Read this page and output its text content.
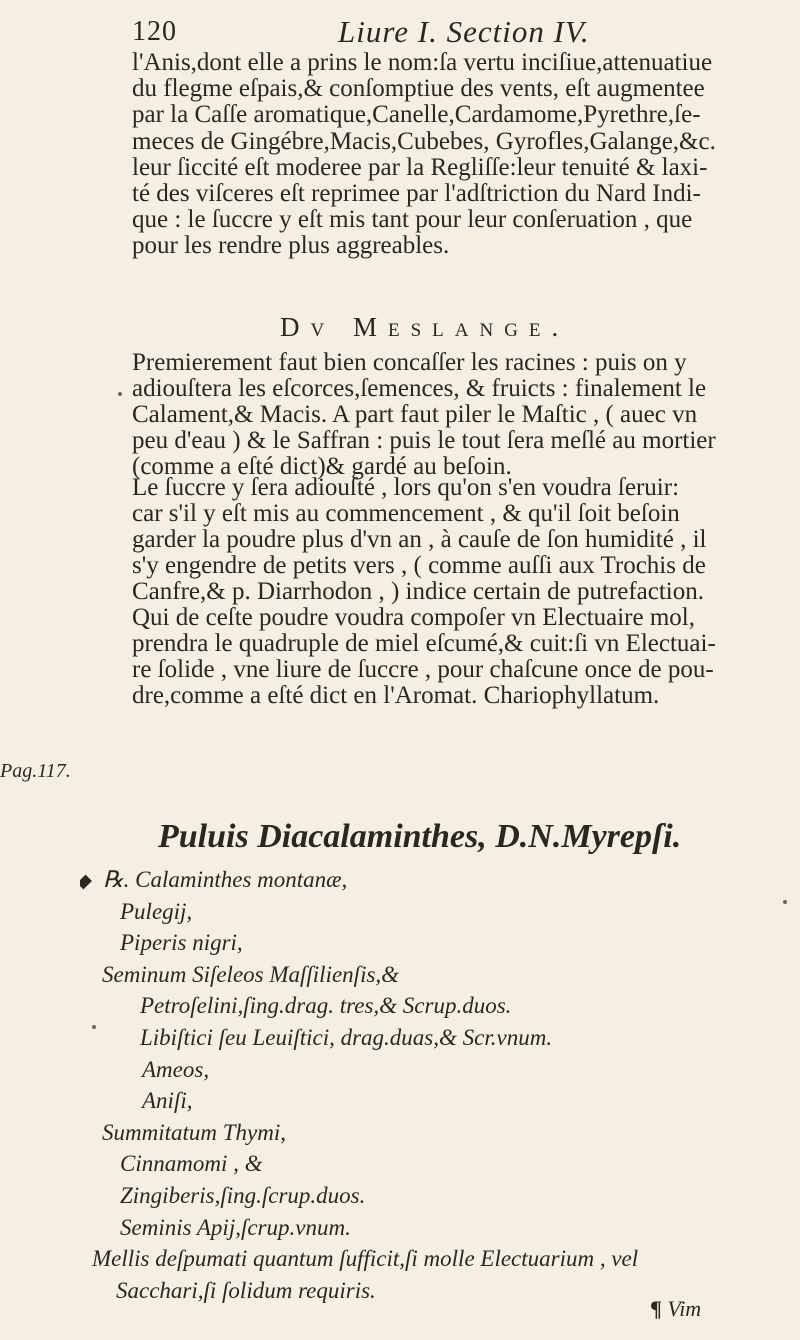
120	Liure I. Section IV.
l'Anis,dont elle a prins le nom:ſa vertu inciſiue,attenuatiue
du flegme eſpais,& conſomptiue des vents, eſt augmentee
par la Caſſe aromatique,Canelle,Cardamome,Pyrethre,ſe-
meces de Gingébre,Macis,Cubebes, Gyrofles,Galange,&c.
leur ſiccité eſt moderee par la Regliſſe:leur tenuité & laxi-
té des viſceres eſt reprimee par l'adſtriction du Nard Indi-
que : le ſuccre y eſt mis tant pour leur conſeruation , que
pour les rendre plus aggreables.
Dv Meslange.
Premierement faut bien concaſſer les racines : puis on y
adiouſtera les eſcorces,ſemences, & fruicts : finalement le
Calament,& Macis. A part faut piler le Maſtic , ( auec vn
peu d'eau ) & le Saffran : puis le tout ſera meſlé au mortier
(comme a eſté dict)& gardé au beſoin.
Le ſuccre y ſera adiouſté , lors qu'on s'en voudra ſeruir:
car s'il y eſt mis au commencement , & qu'il ſoit beſoin
garder la poudre plus d'vn an , à cauſe de ſon humidité , il
s'y engendre de petits vers , ( comme auſſi aux Trochis de
Canfre,& p. Diarrhodon , ) indice certain de putrefaction.
Qui de ceſte poudre voudra compoſer vn Electuaire mol,
prendra le quadruple de miel eſcumé,& cuit:ſi vn Electuai-
re ſolide , vne liure de ſuccre , pour chaſcune once de pou-
dre,comme a eſté dict en l'Aromat. Chariophyllatum.
Pag.117.
Puluis Diacalaminthes, D.N.Myrepſi.
℞. Calaminthes montanæ,
Pulegij,
Piperis nigri,
Seminum Siſeleos Maſſilienſis,&
Petroſelini,ſing.drag. tres,& Scrup.duos.
Libiſtici ſeu Leuiſtici, drag.duas,& Scr.vnum.
Ameos,
Aniſi,
Summitatum Thymi,
Cinnamomi , &
Zingiberis,ſing.ſcrup.duos.
Seminis Apij,ſcrup.vnum.
Mellis deſpumati quantum ſufficit,ſi molle Electuarium , vel
Sacchari,ſi ſolidum requiris.
¶ Vim
